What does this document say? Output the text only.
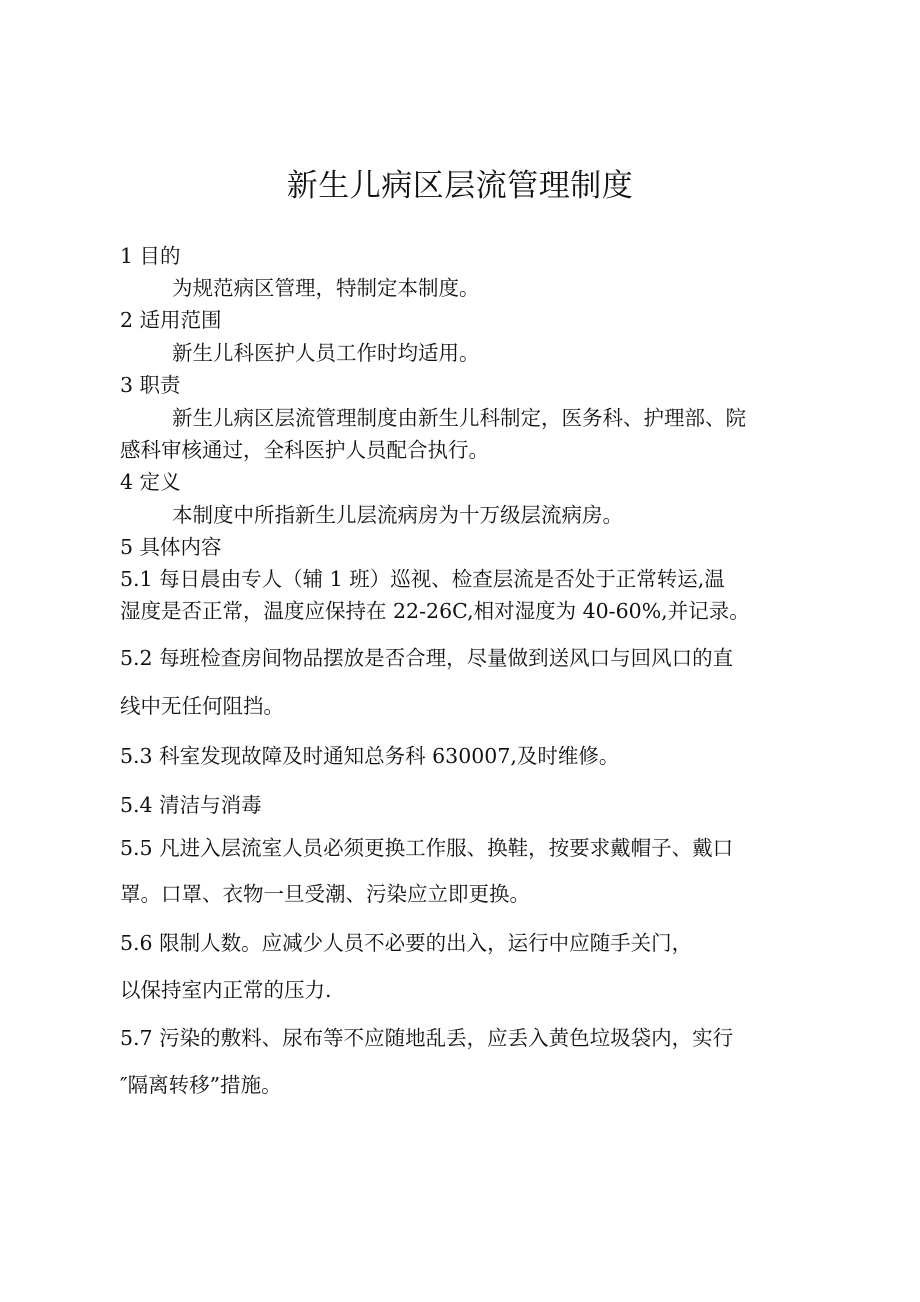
新生儿病区层流管理制度
1 目的
为规范病区管理，特制定本制度。
2 适用范围
新生儿科医护人员工作时均适用。
3 职责
新生儿病区层流管理制度由新生儿科制定，医务科、护理部、院
感科审核通过，全科医护人员配合执行。
4 定义
本制度中所指新生儿层流病房为十万级层流病房。
5 具体内容
5.1 每日晨由专人（辅 1 班）巡视、检查层流是否处于正常转运,温
湿度是否正常，温度应保持在 22-26C,相对湿度为 40-60%,并记录。
5.2 每班检查房间物品摆放是否合理，尽量做到送风口与回风口的直
线中无任何阻挡。
5.3 科室发现故障及时通知总务科 630007,及时维修。
5.4 清洁与消毒
5.5 凡进入层流室人员必须更换工作服、换鞋，按要求戴帽子、戴口
罩。口罩、衣物一旦受潮、污染应立即更换。
5.6 限制人数。应减少人员不必要的出入，运行中应随手关门，
以保持室内正常的压力.
5.7 污染的敷料、尿布等不应随地乱丢，应丢入黄色垃圾袋内，实行
″隔离转移”措施。
